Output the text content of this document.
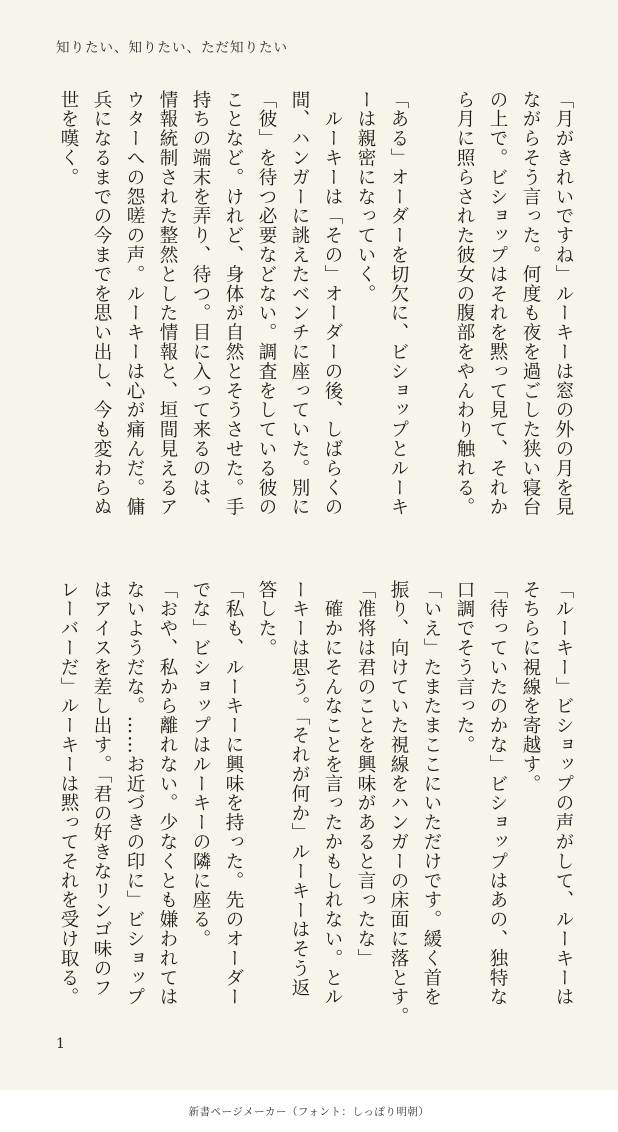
知りたい、知りたい、ただ知りたい
「月がきれいですね」ルーキーは窓の外の月を見
ながらそう言った。何度も夜を過ごした狭い寝台
の上で。ビショップはそれを黙って見て、それか
ら月に照らされた彼女の腹部をやんわり触れる。

「ある」オーダーを切欠に、ビショップとルーキ
ーは親密になっていく。
　ルーキーは「その」オーダーの後、しばらくの
間、ハンガーに誂えたベンチに座っていた。別に
「彼」を待つ必要などない。調査をしている彼の
ことなど。けれど、身体が自然とそうさせた。手
持ちの端末を弄り、待つ。目に入って来るのは、
情報統制された整然とした情報と、垣間見えるア
ウターへの怨嗟の声。ルーキーは心が痛んだ。傭
兵になるまでの今までを思い出し、今も変わらぬ
世を嘆く。
「ルーキー」ビショップの声がして、ルーキーは
そちらに視線を寄越す。
「待っていたのかな」ビショップはあの、独特な
口調でそう言った。
「いえ」たまたまここにいただけです。緩く首を
振り、向けていた視線をハンガーの床面に落とす。
「准将は君のことを興味があると言ったな」
　確かにそんなことを言ったかもしれない。とル
ーキーは思う。「それが何か」ルーキーはそう返
答した。
「私も、ルーキーに興味を持った。先のオーダー
でな」ビショップはルーキーの隣に座る。
「おや、私から離れない。少なくとも嫌われては
ないようだな。……お近づきの印に」ビショップ
はアイスを差し出す。「君の好きなリンゴ味のフ
レーバーだ」ルーキーは黙ってそれを受け取る。
1
新書ページメーカー（フォント：しっぽり明朝）
